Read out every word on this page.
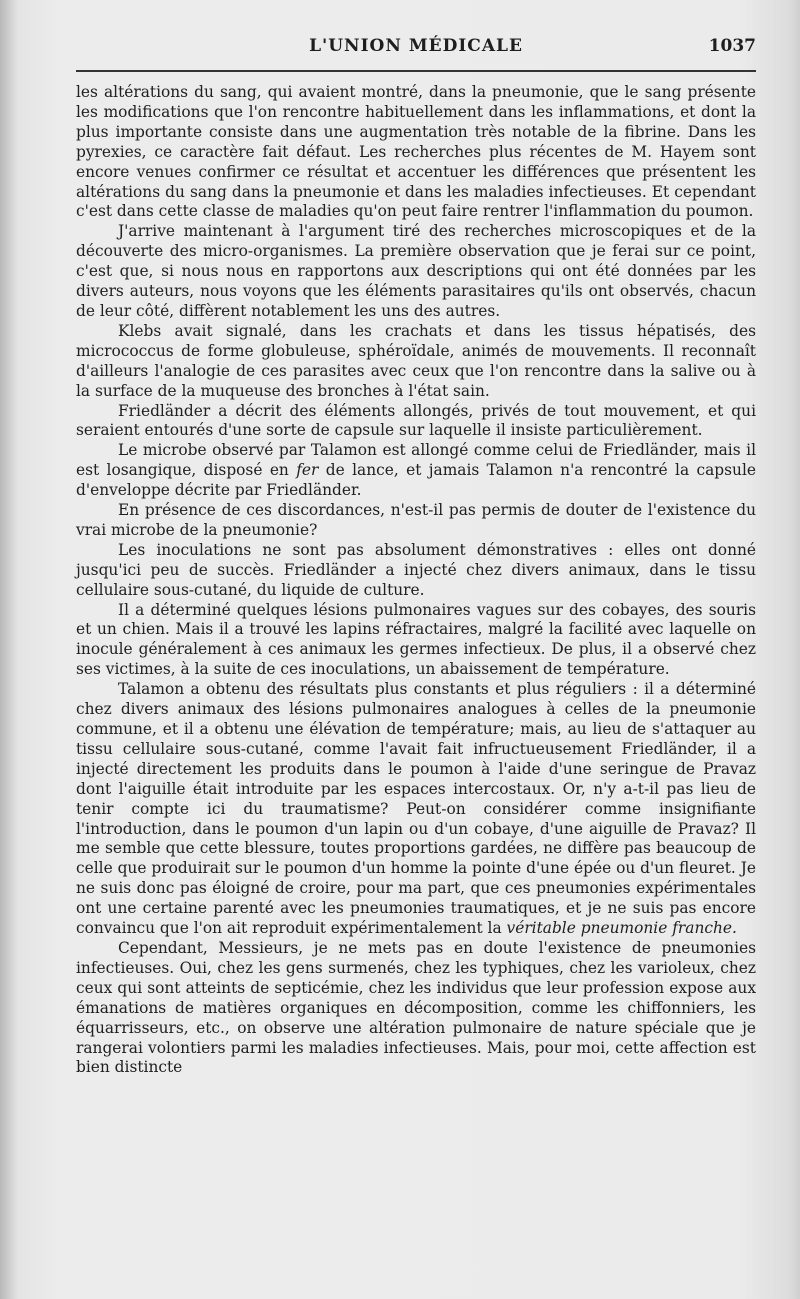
L'UNION MÉDICALE	1037

les altérations du sang, qui avaient montré, dans la pneumonie, que le sang présente les modifications que l'on rencontre habituellement dans les inflammations, et dont la plus importante consiste dans une augmentation très notable de la fibrine. Dans les pyrexies, ce caractère fait défaut. Les recherches plus récentes de M. Hayem sont encore venues confirmer ce résultat et accentuer les différences que présentent les altérations du sang dans la pneumonie et dans les maladies infectieuses. Et cependant c'est dans cette classe de maladies qu'on peut faire rentrer l'inflammation du poumon.

J'arrive maintenant à l'argument tiré des recherches microscopiques et de la découverte des micro-organismes. La première observation que je ferai sur ce point, c'est que, si nous nous en rapportons aux descriptions qui ont été données par les divers auteurs, nous voyons que les éléments parasitaires qu'ils ont observés, chacun de leur côté, diffèrent notablement les uns des autres.

Klebs avait signalé, dans les crachats et dans les tissus hépatisés, des micrococcus de forme globuleuse, sphéroïdale, animés de mouvements. Il reconnaît d'ailleurs l'analogie de ces parasites avec ceux que l'on rencontre dans la salive ou à la surface de la muqueuse des bronches à l'état sain.

Friedländer a décrit des éléments allongés, privés de tout mouvement, et qui seraient entourés d'une sorte de capsule sur laquelle il insiste particulièrement.

Le microbe observé par Talamon est allongé comme celui de Friedländer, mais il est losangique, disposé en fer de lance, et jamais Talamon n'a rencontré la capsule d'enveloppe décrite par Friedländer.

En présence de ces discordances, n'est-il pas permis de douter de l'existence du vrai microbe de la pneumonie?

Les inoculations ne sont pas absolument démonstratives : elles ont donné jusqu'ici peu de succès. Friedländer a injecté chez divers animaux, dans le tissu cellulaire sous-cutané, du liquide de culture.

Il a déterminé quelques lésions pulmonaires vagues sur des cobayes, des souris et un chien. Mais il a trouvé les lapins réfractaires, malgré la facilité avec laquelle on inocule généralement à ces animaux les germes infectieux. De plus, il a observé chez ses victimes, à la suite de ces inoculations, un abaissement de température.

Talamon a obtenu des résultats plus constants et plus réguliers : il a déterminé chez divers animaux des lésions pulmonaires analogues à celles de la pneumonie commune, et il a obtenu une élévation de température; mais, au lieu de s'attaquer au tissu cellulaire sous-cutané, comme l'avait fait infructueusement Friedländer, il a injecté directement les produits dans le poumon à l'aide d'une seringue de Pravaz dont l'aiguille était introduite par les espaces intercostaux. Or, n'y a-t-il pas lieu de tenir compte ici du traumatisme? Peut-on considérer comme insignifiante l'introduction, dans le poumon d'un lapin ou d'un cobaye, d'une aiguille de Pravaz? Il me semble que cette blessure, toutes proportions gardées, ne diffère pas beaucoup de celle que produirait sur le poumon d'un homme la pointe d'une épée ou d'un fleuret. Je ne suis donc pas éloigné de croire, pour ma part, que ces pneumonies expérimentales ont une certaine parenté avec les pneumonies traumatiques, et je ne suis pas encore convaincu que l'on ait reproduit expérimentalement la véritable pneumonie franche.

Cependant, Messieurs, je ne mets pas en doute l'existence de pneumonies infectieuses. Oui, chez les gens surmenés, chez les typhiques, chez les varioleux, chez ceux qui sont atteints de septicémie, chez les individus que leur profession expose aux émanations de matières organiques en décomposition, comme les chiffonniers, les équarrisseurs, etc., on observe une altération pulmonaire de nature spéciale que je rangerai volontiers parmi les maladies infectieuses. Mais, pour moi, cette affection est bien distincte
